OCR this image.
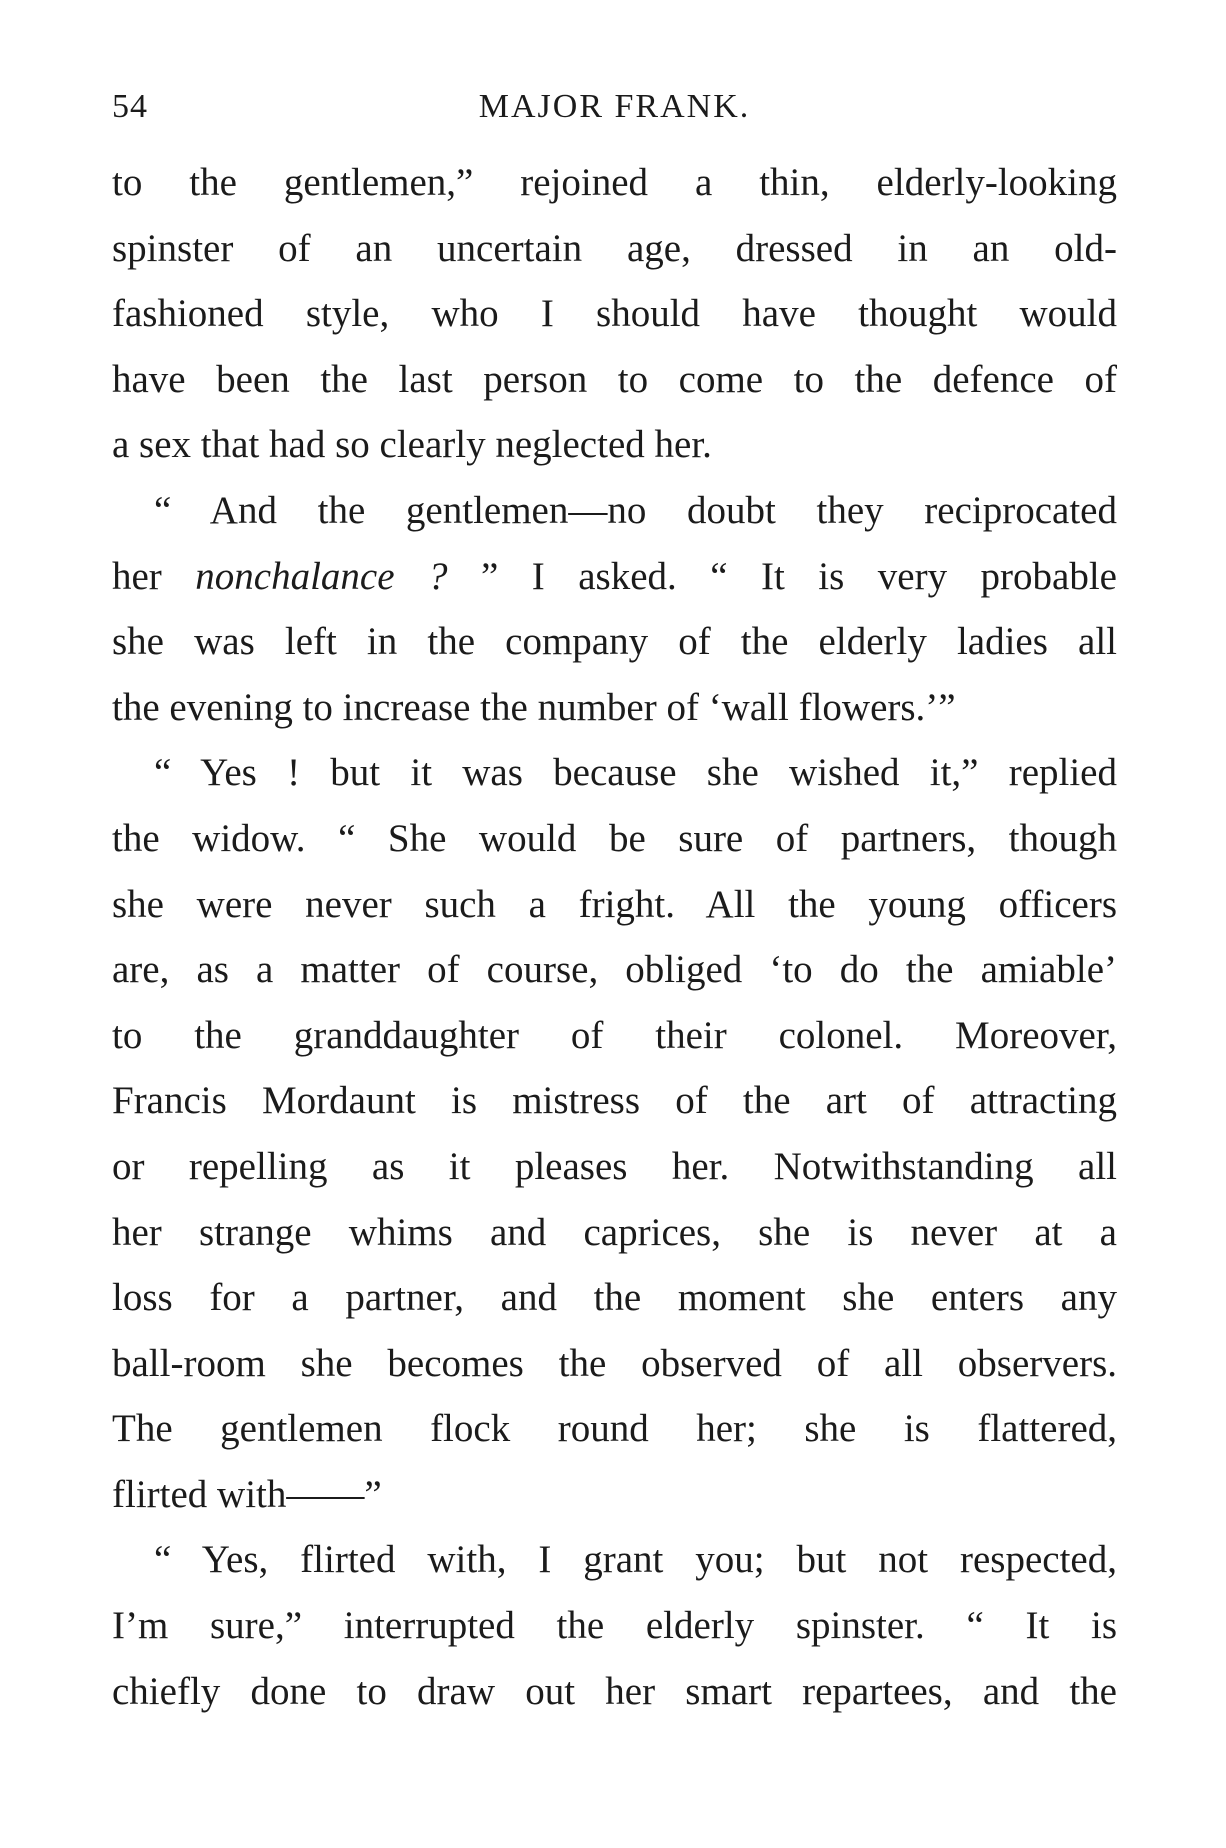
54	MAJOR FRANK.
to the gentlemen,” rejoined a thin, elderly-looking
spinster of an uncertain age, dressed in an old-
fashioned style, who I should have thought would
have been the last person to come to the defence of
a sex that had so clearly neglected her.
“ And the gentlemen—no doubt they reciprocated
her nonchalance ? ” I asked. “ It is very probable
she was left in the company of the elderly ladies all
the evening to increase the number of ‘wall flowers.’”
“ Yes ! but it was because she wished it,” replied
the widow. “ She would be sure of partners, though
she were never such a fright. All the young officers
are, as a matter of course, obliged ‘to do the amiable’
to the granddaughter of their colonel. Moreover,
Francis Mordaunt is mistress of the art of attracting
or repelling as it pleases her. Notwithstanding all
her strange whims and caprices, she is never at a
loss for a partner, and the moment she enters any
ball-room she becomes the observed of all observers.
The gentlemen flock round her; she is flattered,
flirted with——”
“ Yes, flirted with, I grant you; but not respected,
I’m sure,” interrupted the elderly spinster. “ It is
chiefly done to draw out her smart repartees, and the
